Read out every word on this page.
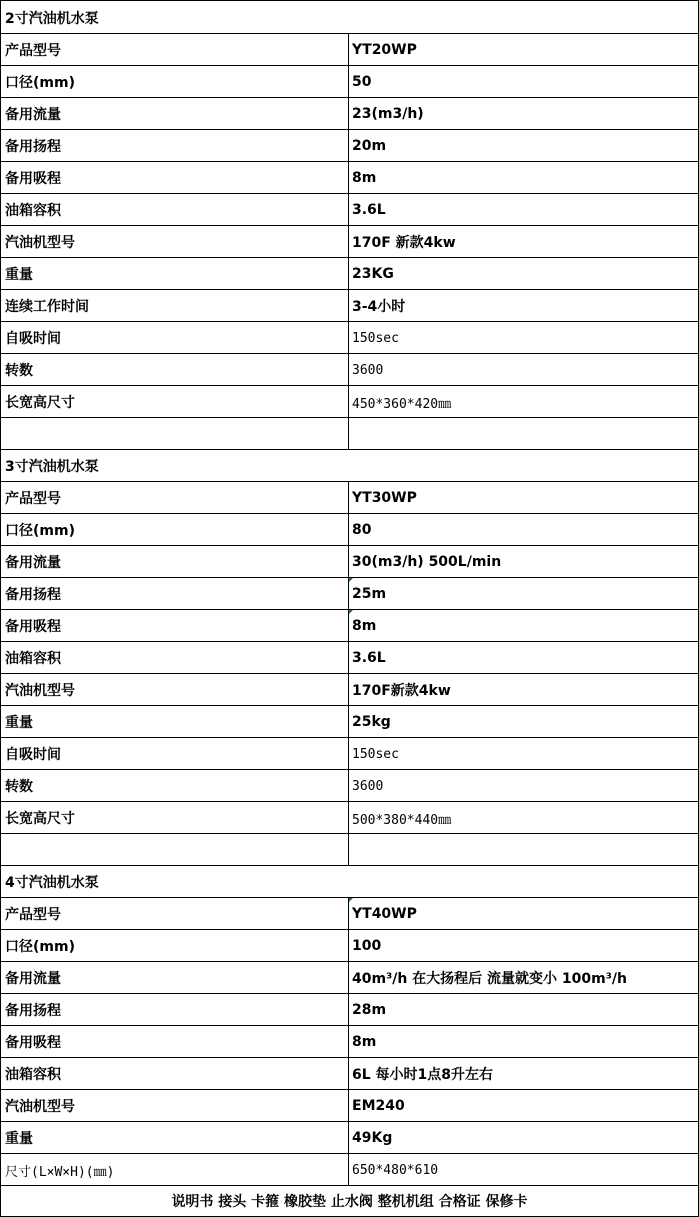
2寸汽油机水泵
产品型号	YT20WP
口径(mm)	50
备用流量	23(m3/h)
备用扬程	20m
备用吸程	8m
油箱容积	3.6L
汽油机型号	170F 新款4kw
重量	23KG
连续工作时间	3-4小时
自吸时间	150sec
转数	3600
长宽高尺寸	450*360*420㎜
3寸汽油机水泵
产品型号	YT30WP
口径(mm)	80
备用流量	30(m3/h) 500L/min
备用扬程	25m
备用吸程	8m
油箱容积	3.6L
汽油机型号	170F新款4kw
重量	25kg
自吸时间	150sec
转数	3600
长宽高尺寸	500*380*440㎜
4寸汽油机水泵
产品型号	YT40WP
口径(mm)	100
备用流量	40m³/h 在大扬程后 流量就变小 100m³/h
备用扬程	28m
备用吸程	8m
油箱容积	6L 每小时1点8升左右
汽油机型号	EM240
重量	49Kg
尺寸(L×W×H)(㎜)	650*480*610
说明书 接头 卡箍 橡胶垫 止水阀 整机机组 合格证 保修卡
